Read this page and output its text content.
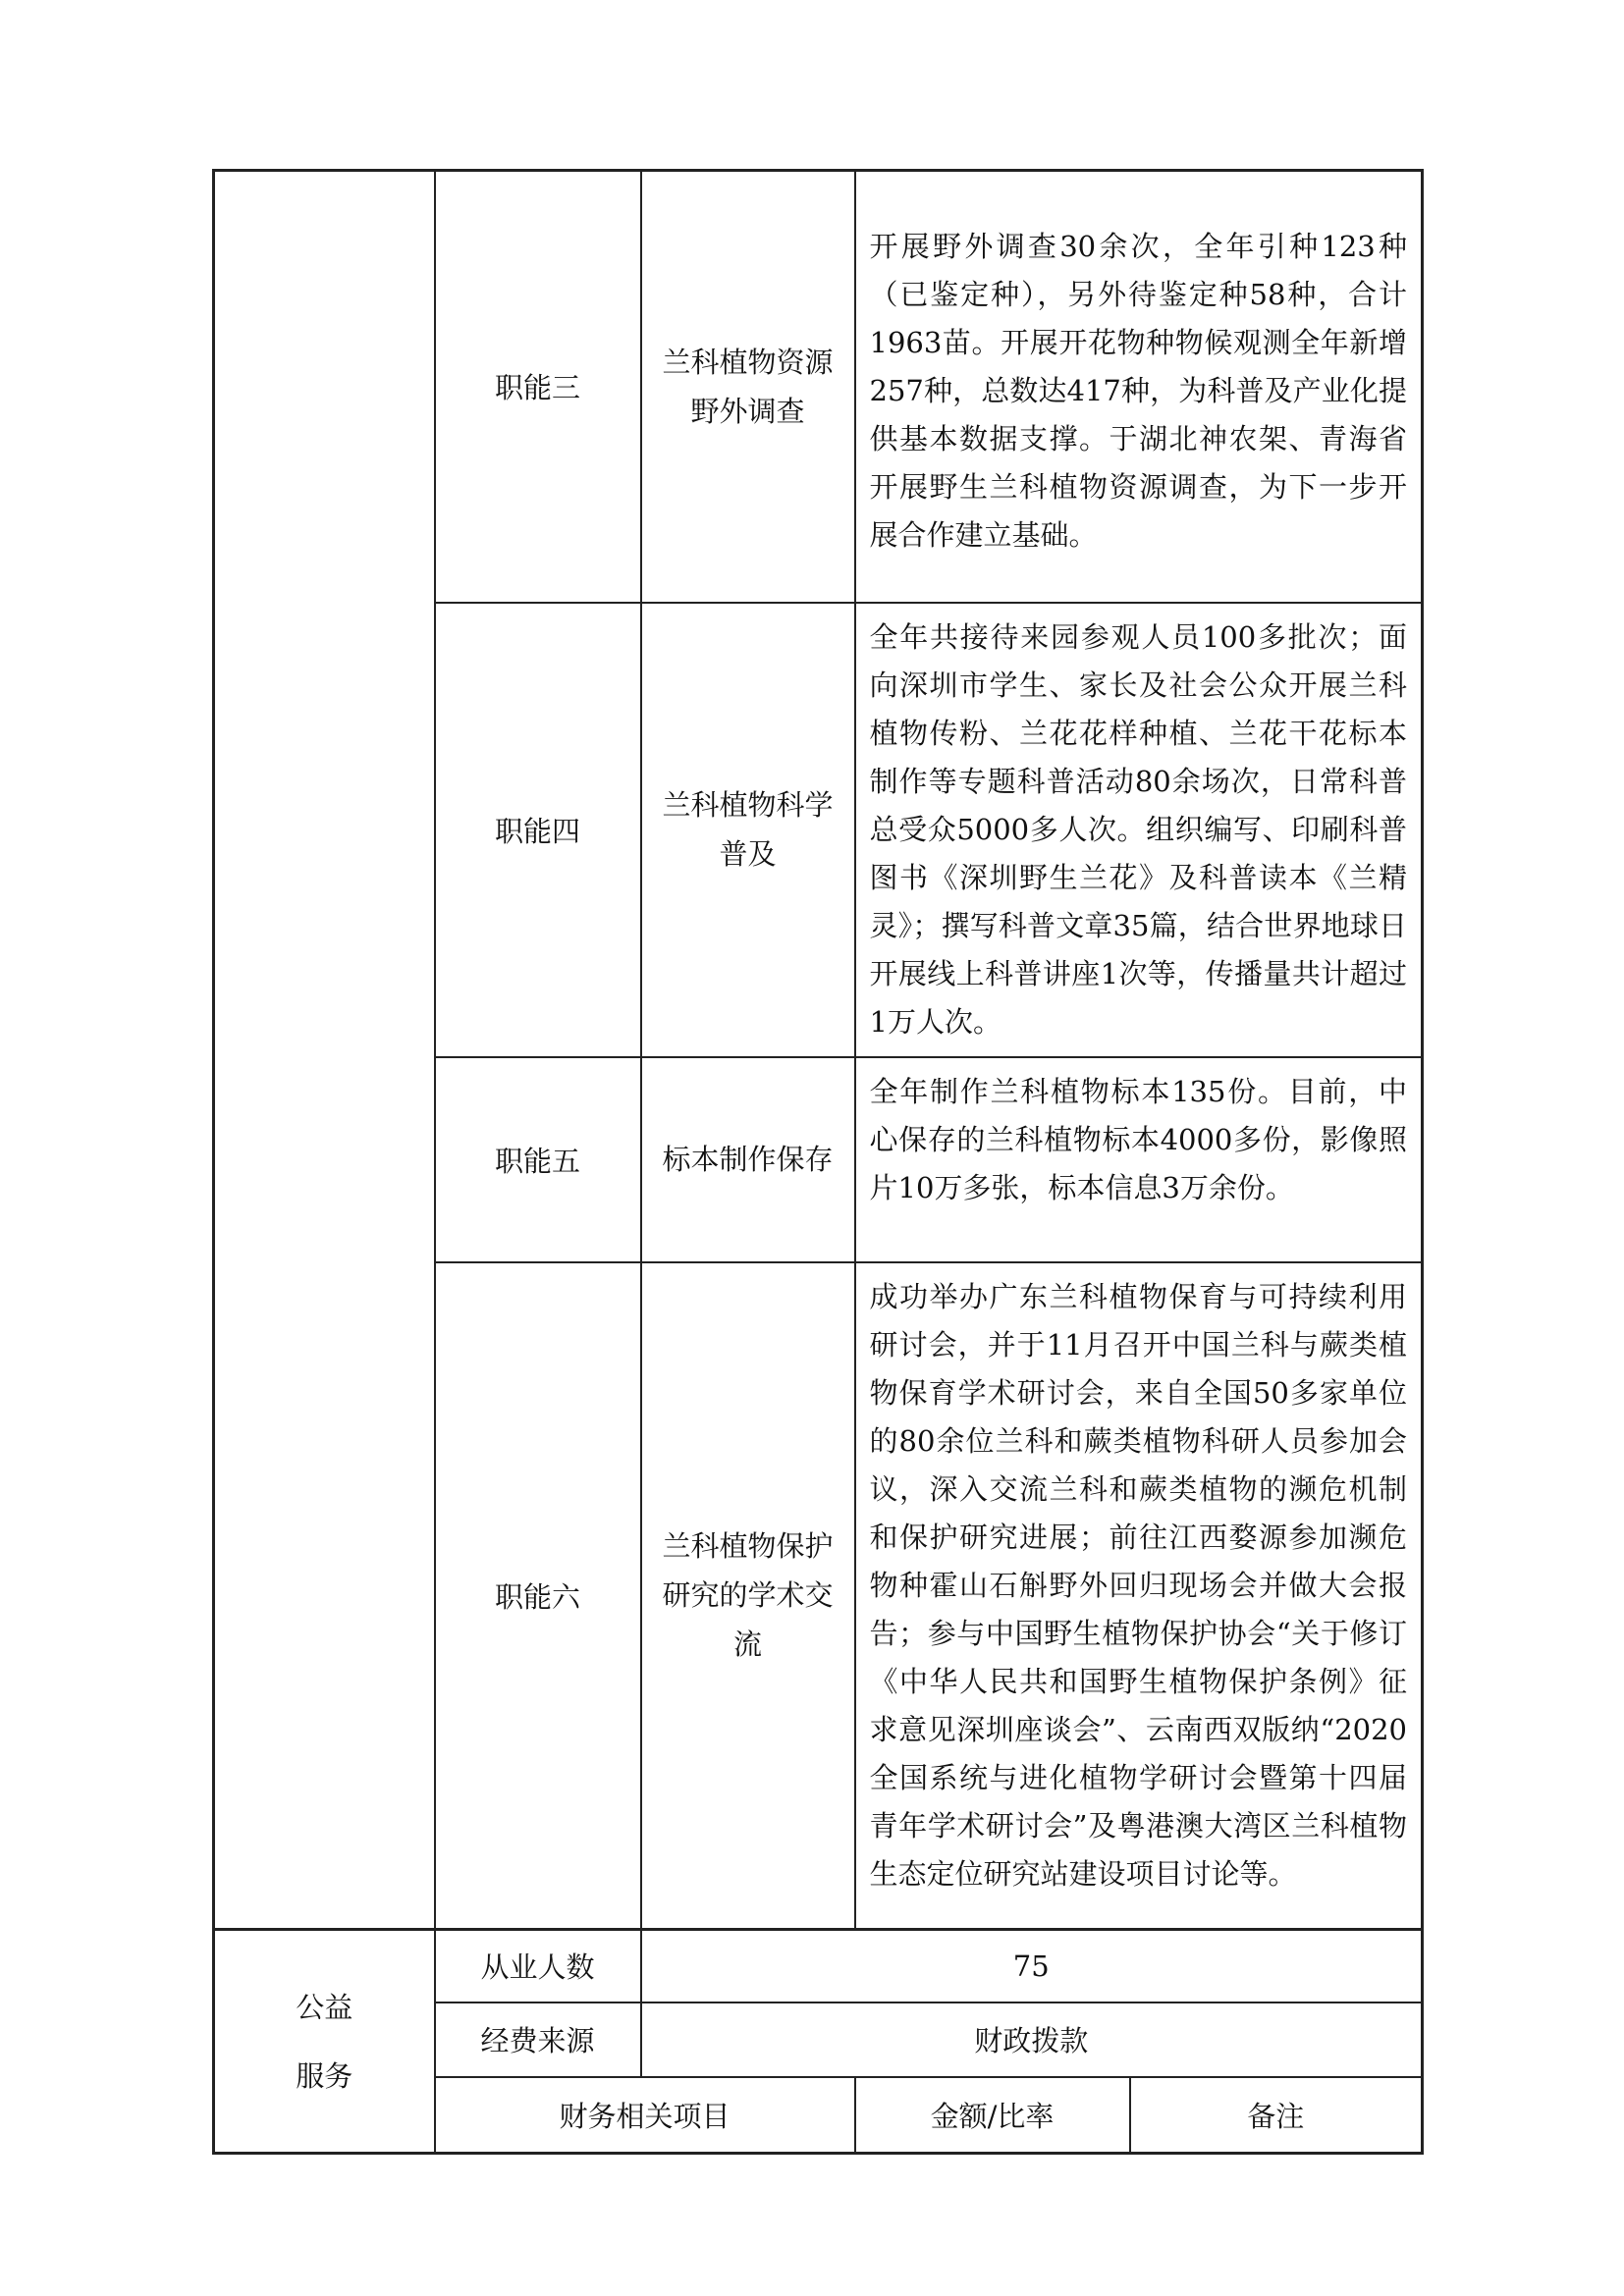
	职能三	兰科植物资源野外调查	开展野外调查30余次，全年引种123种（已鉴定种），另外待鉴定种58种，合计1963苗。开展开花物种物候观测全年新增257种，总数达417种，为科普及产业化提供基本数据支撑。于湖北神农架、青海省开展野生兰科植物资源调查，为下一步开展合作建立基础。	
	职能四	兰科植物科学普及	全年共接待来园参观人员100多批次；面向深圳市学生、家长及社会公众开展兰科植物传粉、兰花花样种植、兰花干花标本制作等专题科普活动80余场次，日常科普总受众5000多人次。组织编写、印刷科普图书《深圳野生兰花》及科普读本《兰精灵》；撰写科普文章35篇，结合世界地球日开展线上科普讲座1次等，传播量共计超过1万人次。	
	职能五	标本制作保存	全年制作兰科植物标本135份。目前，中心保存的兰科植物标本4000多份，影像照片10万多张，标本信息3万余份。	
	职能六	兰科植物保护研究的学术交流	成功举办广东兰科植物保育与可持续利用研讨会，并于11月召开中国兰科与蕨类植物保育学术研讨会，来自全国50多家单位的80余位兰科和蕨类植物科研人员参加会议，深入交流兰科和蕨类植物的濒危机制和保护研究进展；前往江西婺源参加濒危物种霍山石斛野外回归现场会并做大会报告；参与中国野生植物保护协会“关于修订《中华人民共和国野生植物保护条例》征求意见深圳座谈会”、云南西双版纳“2020全国系统与进化植物学研讨会暨第十四届青年学术研讨会”及粤港澳大湾区兰科植物生态定位研究站建设项目讨论等。	

公益
服务	从业人数	75		
	经费来源	财政拨款		
	财务相关项目		金额/比率	备注
